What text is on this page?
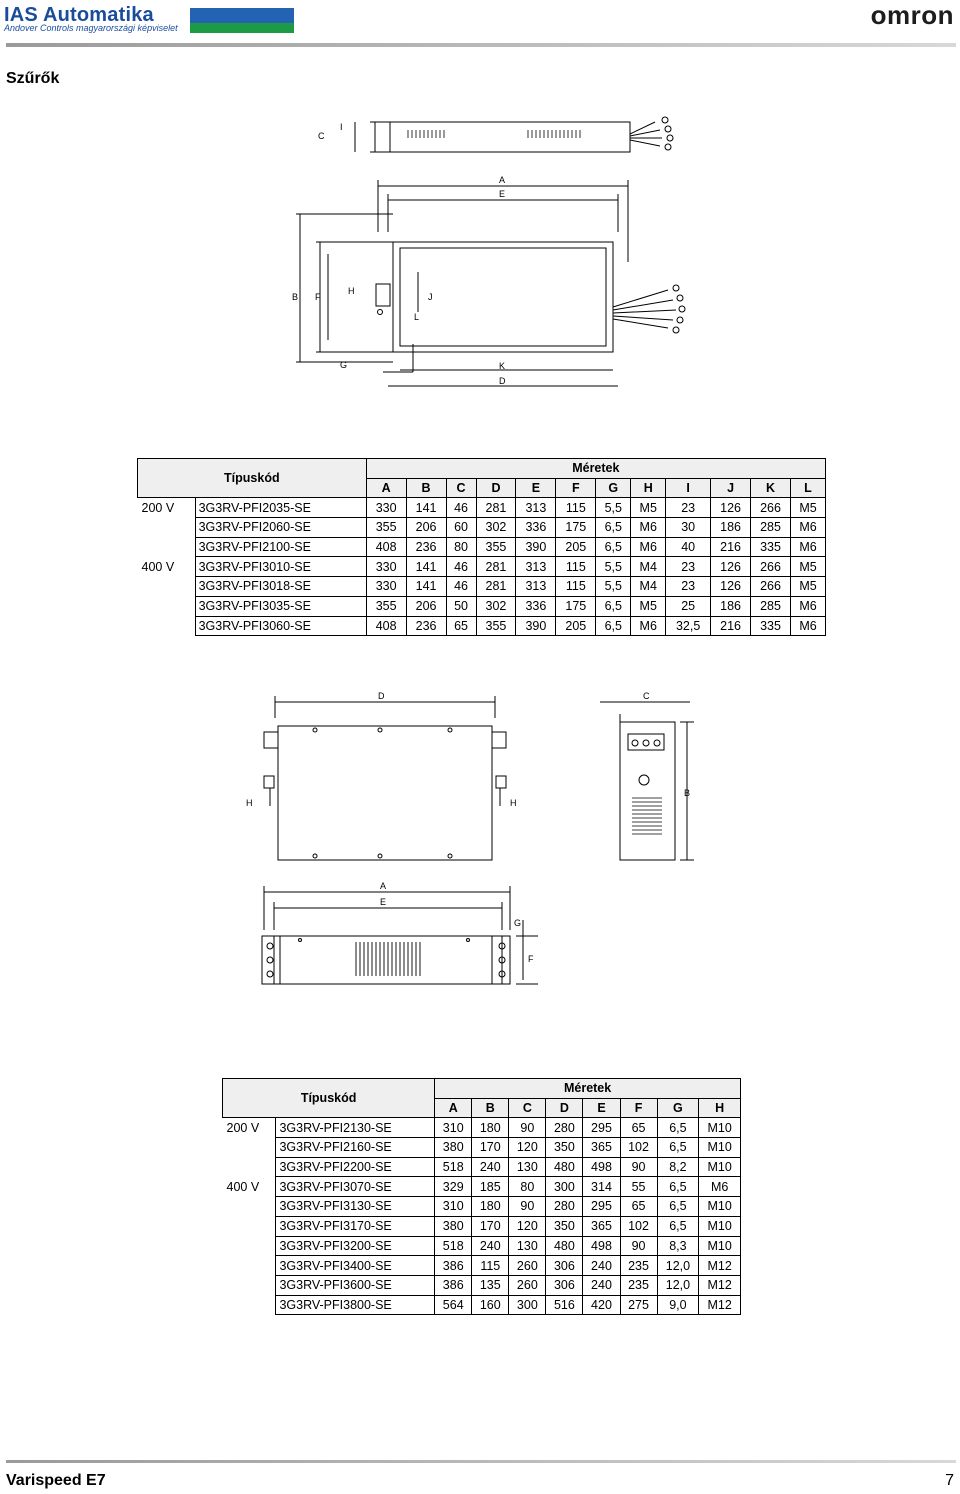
IAS Automatika
Andover Controls magyarországi képviselet	omron
Szűrők
C
I
A
E
B F
H
J
L
G	K
D
Típuskód		Méretek											
		A	B	C	D	E	F	G	H	I	J	K	L
200 V	3G3RV-PFI2035-SE	330	141	46	281	313	115	5,5	M5	23	126	266	M5
	3G3RV-PFI2060-SE	355	206	60	302	336	175	6,5	M6	30	186	285	M6
	3G3RV-PFI2100-SE	408	236	80	355	390	205	6,5	M6	40	216	335	M6
400 V	3G3RV-PFI3010-SE	330	141	46	281	313	115	5,5	M4	23	126	266	M5
	3G3RV-PFI3018-SE	330	141	46	281	313	115	5,5	M4	23	126	266	M5
	3G3RV-PFI3035-SE	355	206	50	302	336	175	6,5	M5	25	186	285	M6
	3G3RV-PFI3060-SE	408	236	65	355	390	205	6,5	M6	32,5	216	335	M6
D	C
B
H	H
A
E
G
F
Típuskód		Méretek							
		A	B	C	D	E	F	G	H
200 V	3G3RV-PFI2130-SE	310	180	90	280	295	65	6,5	M10
	3G3RV-PFI2160-SE	380	170	120	350	365	102	6,5	M10
	3G3RV-PFI2200-SE	518	240	130	480	498	90	8,2	M10
400 V	3G3RV-PFI3070-SE	329	185	80	300	314	55	6,5	M6
	3G3RV-PFI3130-SE	310	180	90	280	295	65	6,5	M10
	3G3RV-PFI3170-SE	380	170	120	350	365	102	6,5	M10
	3G3RV-PFI3200-SE	518	240	130	480	498	90	8,3	M10
	3G3RV-PFI3400-SE	386	115	260	306	240	235	12,0	M12
	3G3RV-PFI3600-SE	386	135	260	306	240	235	12,0	M12
	3G3RV-PFI3800-SE	564	160	300	516	420	275	9,0	M12
Varispeed E7	7
